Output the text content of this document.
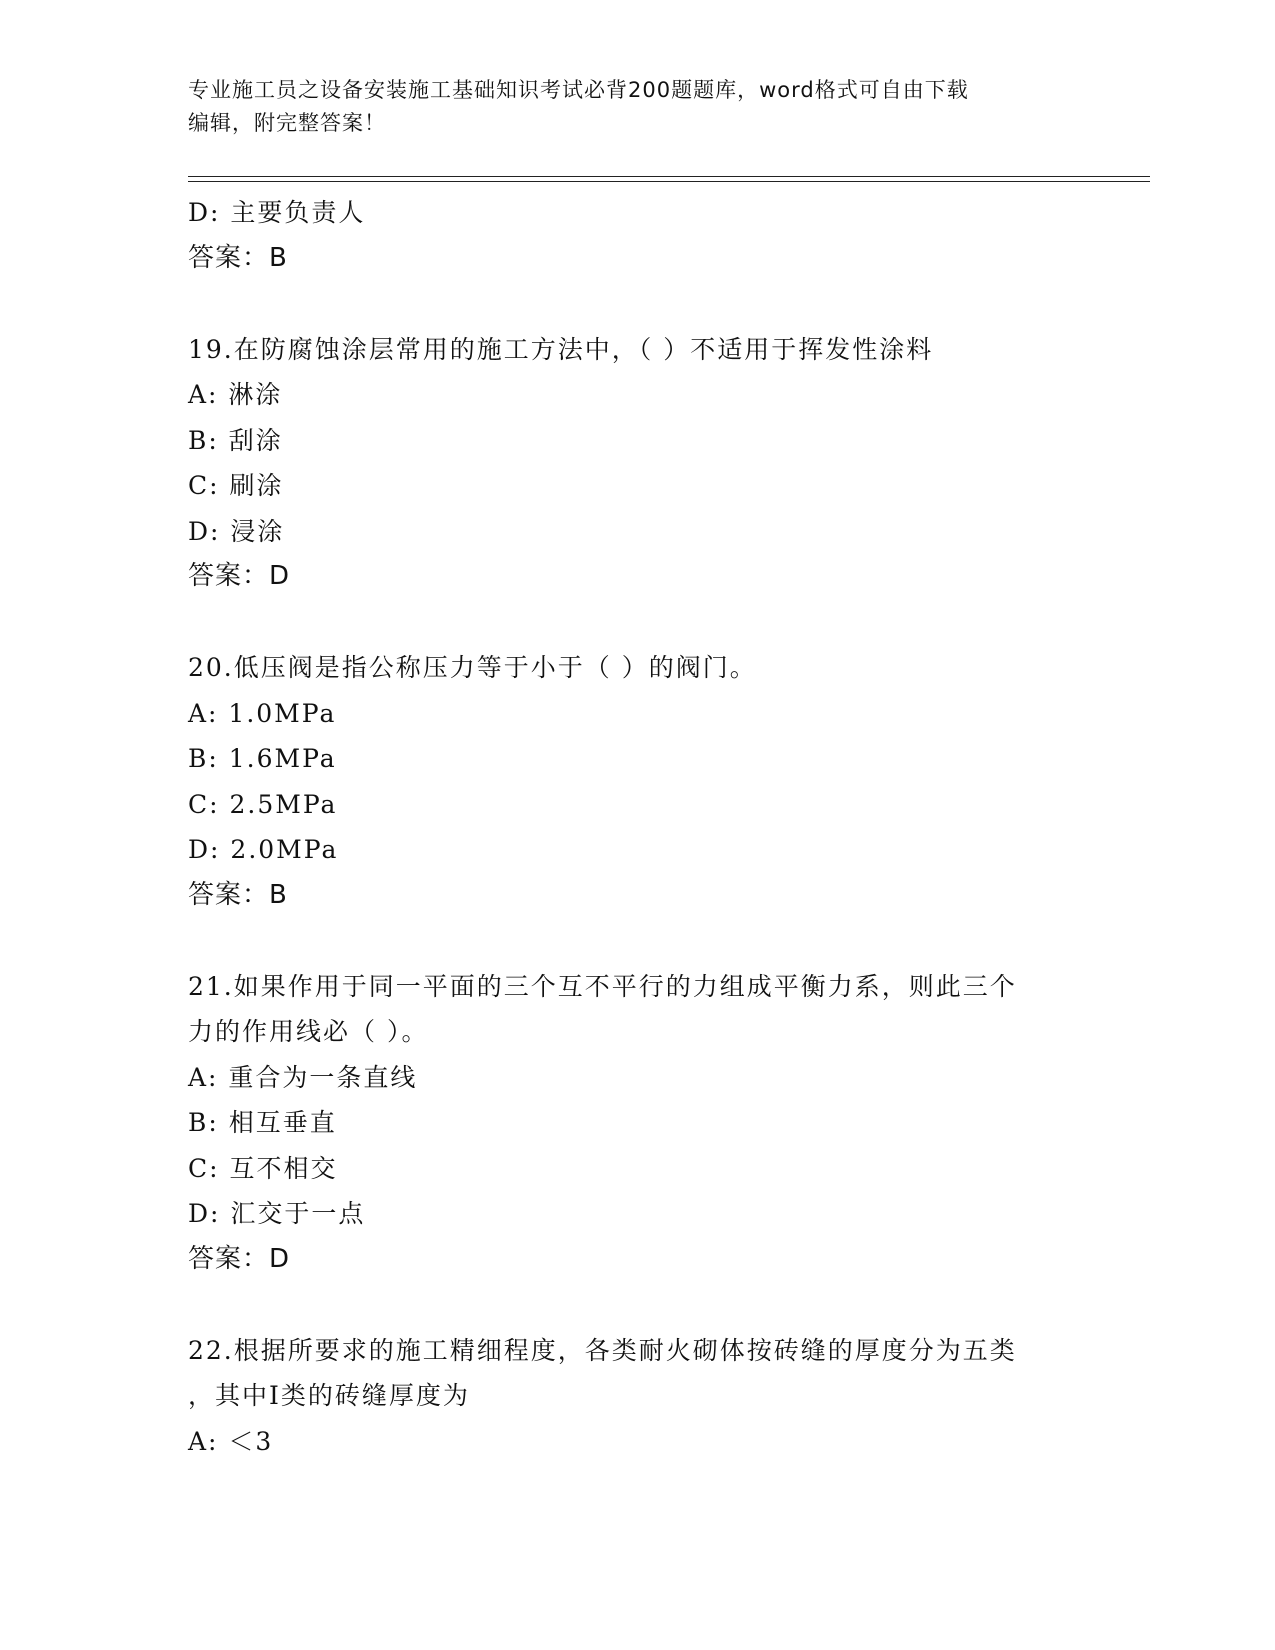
专业施工员之设备安装施工基础知识考试必背200题题库，word格式可自由下载
编辑，附完整答案！
D: 主要负责人
答案：B
19.在防腐蚀涂层常用的施工方法中，（ ）不适用于挥发性涂料
A: 淋涂
B: 刮涂
C: 刷涂
D: 浸涂
答案：D
20.低压阀是指公称压力等于小于（ ）的阀门。
A: 1.0MPa
B: 1.6MPa
C: 2.5MPa
D: 2.0MPa
答案：B
21.如果作用于同一平面的三个互不平行的力组成平衡力系，则此三个
力的作用线必（ ）。
A: 重合为一条直线
B: 相互垂直
C: 互不相交
D: 汇交于一点
答案：D
22.根据所要求的施工精细程度，各类耐火砌体按砖缝的厚度分为五类
，其中Ⅰ类的砖缝厚度为
A: ＜3
